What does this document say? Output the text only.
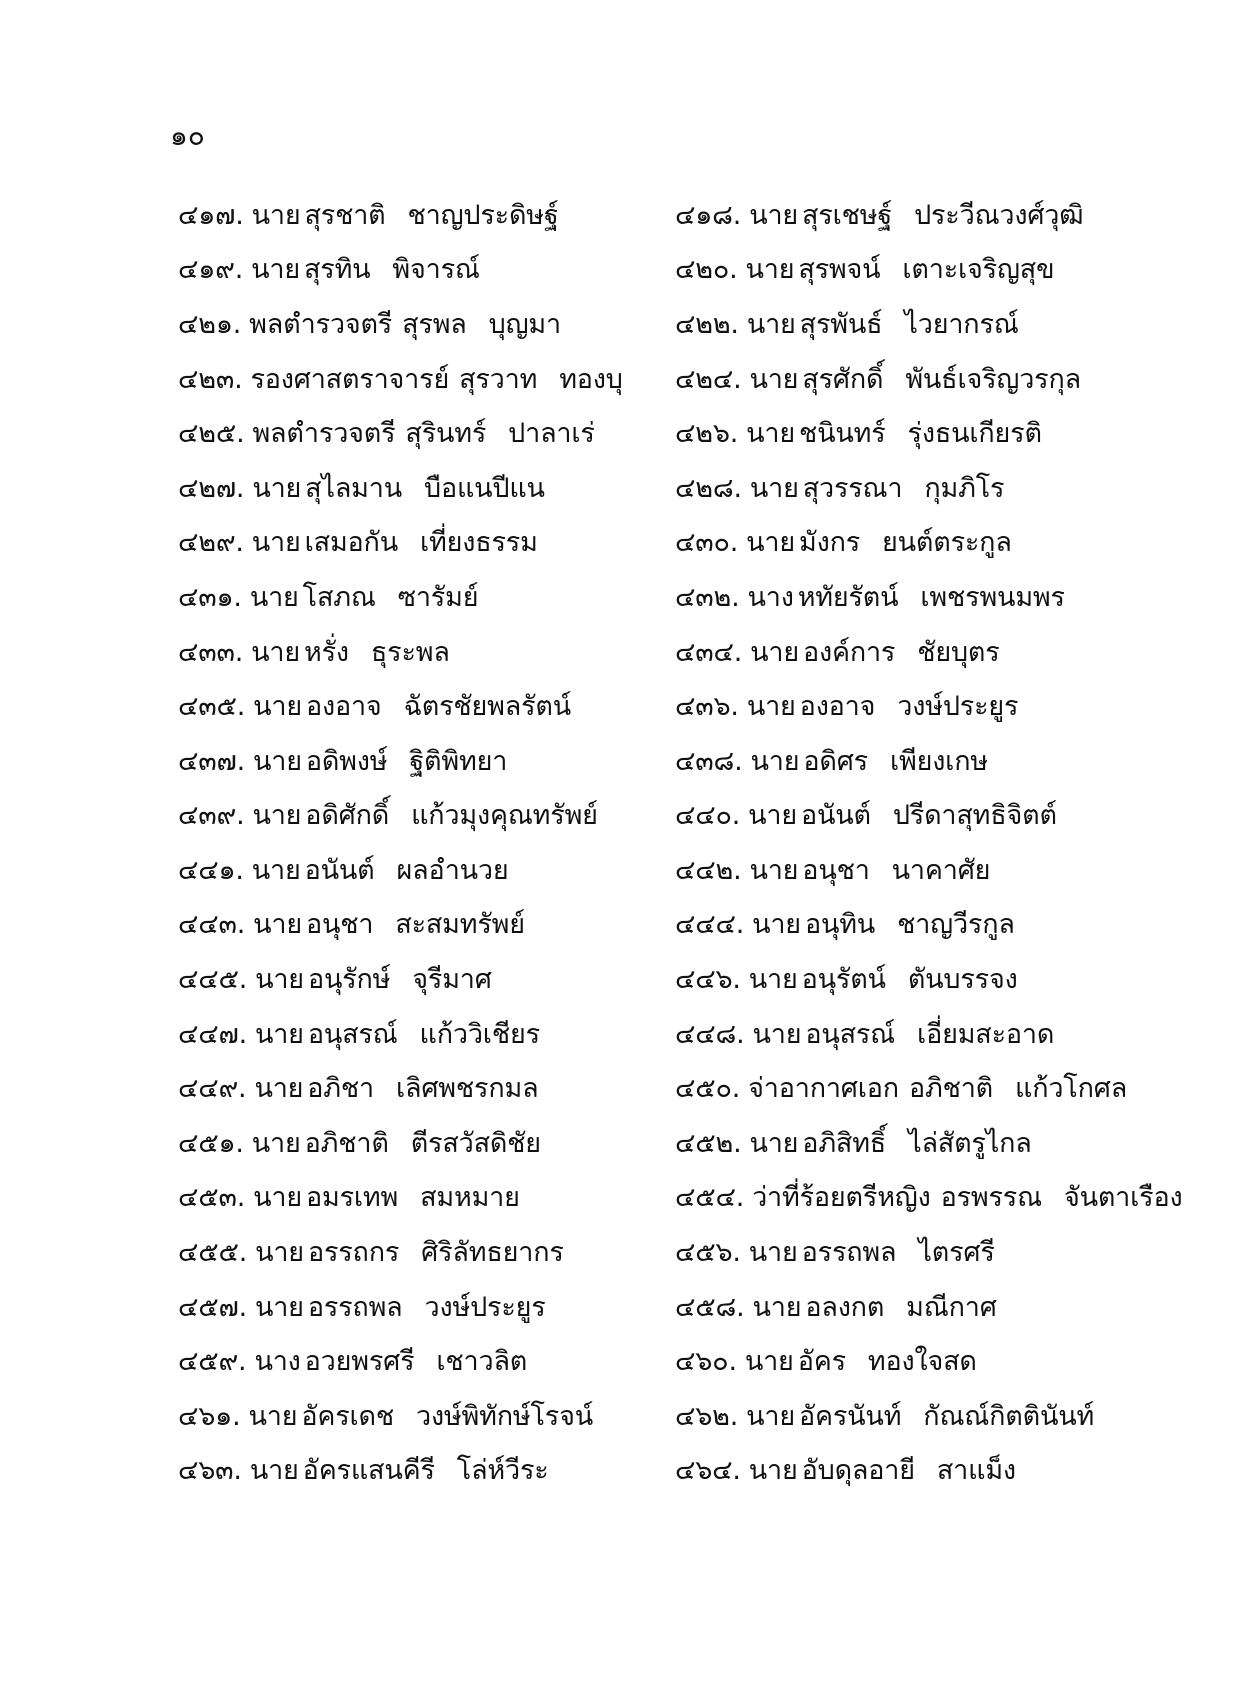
๑๐
๔๑๗. นาย สุรชาติ ชาญประดิษฐ์	๔๑๘. นาย สุรเชษฐ์ ประวีณวงศ์วุฒิ
๔๑๙. นาย สุรทิน พิจารณ์	๔๒๐. นาย สุรพจน์ เตาะเจริญสุข
๔๒๑. พลตำรวจตรี สุรพล บุญมา	๔๒๒. นาย สุรพันธ์ ไวยากรณ์
๔๒๓. รองศาสตราจารย์ สุรวาท ทองบุ	๔๒๔. นาย สุรศักดิ์ พันธ์เจริญวรกุล
๔๒๕. พลตำรวจตรี สุรินทร์ ปาลาเร่	๔๒๖. นาย ชนินทร์ รุ่งธนเกียรติ
๔๒๗. นาย สุไลมาน บือแนปีแน	๔๒๘. นาย สุวรรณา กุมภิโร
๔๒๙. นาย เสมอกัน เที่ยงธรรม	๔๓๐. นาย มังกร ยนต์ตระกูล
๔๓๑. นาย โสภณ ซารัมย์	๔๓๒. นาง หทัยรัตน์ เพชรพนมพร
๔๓๓. นาย หรั่ง ธุระพล	๔๓๔. นาย องค์การ ชัยบุตร
๔๓๕. นาย องอาจ ฉัตรชัยพลรัตน์	๔๓๖. นาย องอาจ วงษ์ประยูร
๔๓๗. นาย อดิพงษ์ ฐิติพิทยา	๔๓๘. นาย อดิศร เพียงเกษ
๔๓๙. นาย อดิศักดิ์ แก้วมุงคุณทรัพย์	๔๔๐. นาย อนันต์ ปรีดาสุทธิจิตต์
๔๔๑. นาย อนันต์ ผลอำนวย	๔๔๒. นาย อนุชา นาคาศัย
๔๔๓. นาย อนุชา สะสมทรัพย์	๔๔๔. นาย อนุทิน ชาญวีรกูล
๔๔๕. นาย อนุรักษ์ จุรีมาศ	๔๔๖. นาย อนุรัตน์ ตันบรรจง
๔๔๗. นาย อนุสรณ์ แก้ววิเชียร	๔๔๘. นาย อนุสรณ์ เอี่ยมสะอาด
๔๔๙. นาย อภิชา เลิศพชรกมล	๔๕๐. จ่าอากาศเอก อภิชาติ แก้วโกศล
๔๕๑. นาย อภิชาติ ตีรสวัสดิชัย	๔๕๒. นาย อภิสิทธิ์ ไล่สัตรูไกล
๔๕๓. นาย อมรเทพ สมหมาย	๔๕๔. ว่าที่ร้อยตรีหญิง อรพรรณ จันตาเรือง
๔๕๕. นาย อรรถกร ศิริลัทธยากร	๔๕๖. นาย อรรถพล ไตรศรี
๔๕๗. นาย อรรถพล วงษ์ประยูร	๔๕๘. นาย อลงกต มณีกาศ
๔๕๙. นาง อวยพรศรี เชาวลิต	๔๖๐. นาย อัคร ทองใจสด
๔๖๑. นาย อัครเดช วงษ์พิทักษ์โรจน์	๔๖๒. นาย อัครนันท์ กัณณ์กิตตินันท์
๔๖๓. นาย อัครแสนคีรี โล่ห์วีระ	๔๖๔. นาย อับดุลอายี สาแม็ง
